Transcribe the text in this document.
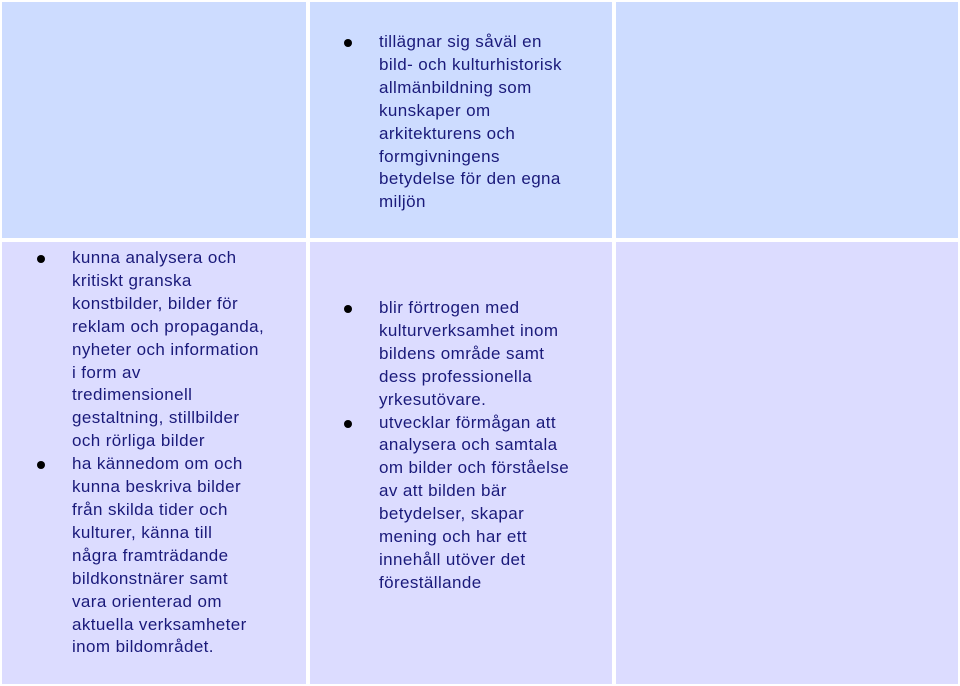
tillägnar sig såväl en
bild- och kulturhistorisk
allmänbildning som
kunskaper om
arkitekturens och
formgivningens
betydelse för den egna
miljön
kunna analysera och
kritiskt granska
konstbilder, bilder för
reklam och propaganda,
nyheter och information
i form av
tredimensionell
gestaltning, stillbilder
och rörliga bilder
ha kännedom om och
kunna beskriva bilder
från skilda tider och
kulturer, känna till
några framträdande
bildkonstnärer samt
vara orienterad om
aktuella verksamheter
inom bildområdet.
blir förtrogen med
kulturverksamhet inom
bildens område samt
dess professionella
yrkesutövare.
utvecklar förmågan att
analysera och samtala
om bilder och förståelse
av att bilden bär
betydelser, skapar
mening och har ett
innehåll utöver det
föreställande
